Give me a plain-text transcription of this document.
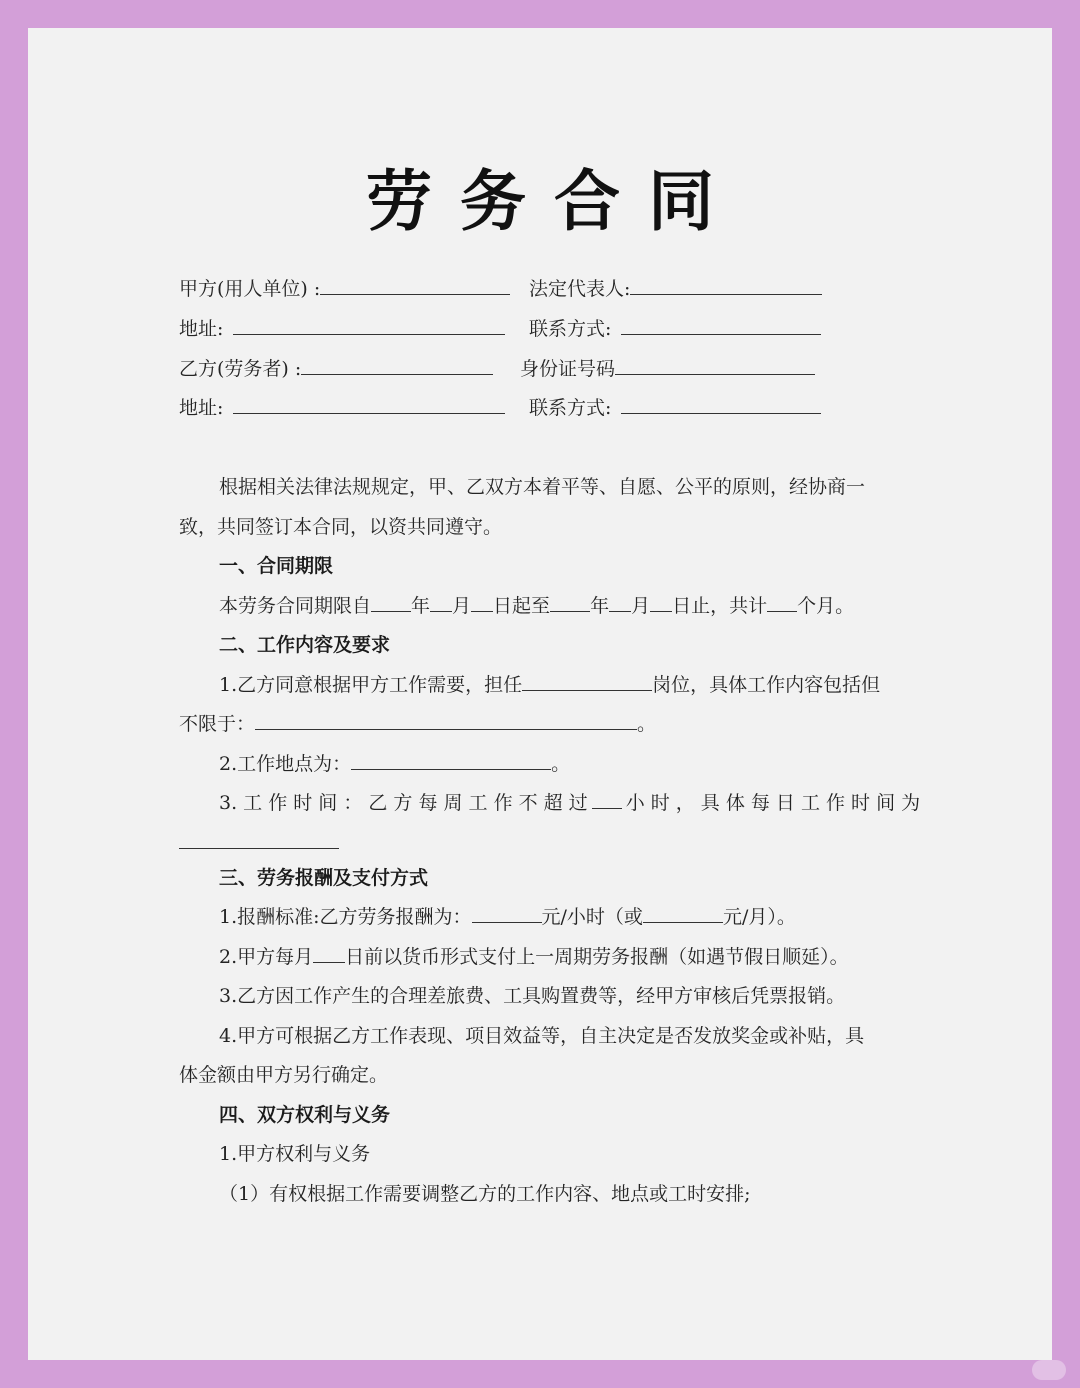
劳务合同
甲方(用人单位) :	法定代表人:
地址:	联系方式:
乙方(劳务者) :	身份证号码
地址:	联系方式:
根据相关法律法规规定，甲、乙双方本着平等、自愿、公平的原则，经协商一
致，共同签订本合同，以资共同遵守。
一、合同期限
本劳务合同期限自 年 月 日起至 年 月 日止，共计 个月。
二、工作内容及要求
1.乙方同意根据甲方工作需要，担任	岗位，具体工作内容包括但
不限于：	。
2.工作地点为：	。
3. 工 作 时 间 ： 乙 方 每 周 工 作 不 超 过 小 时 ， 具 体 每 日 工 作 时 间 为
三、劳务报酬及支付方式
1.报酬标准:乙方劳务报酬为：	元/小时（或	元/月）。
2.甲方每月 日前以货币形式支付上一周期劳务报酬（如遇节假日顺延）。
3.乙方因工作产生的合理差旅费、工具购置费等，经甲方审核后凭票报销。
4.甲方可根据乙方工作表现、项目效益等，自主决定是否发放奖金或补贴，具
体金额由甲方另行确定。
四、双方权利与义务
1.甲方权利与义务
（1）有权根据工作需要调整乙方的工作内容、地点或工时安排;
